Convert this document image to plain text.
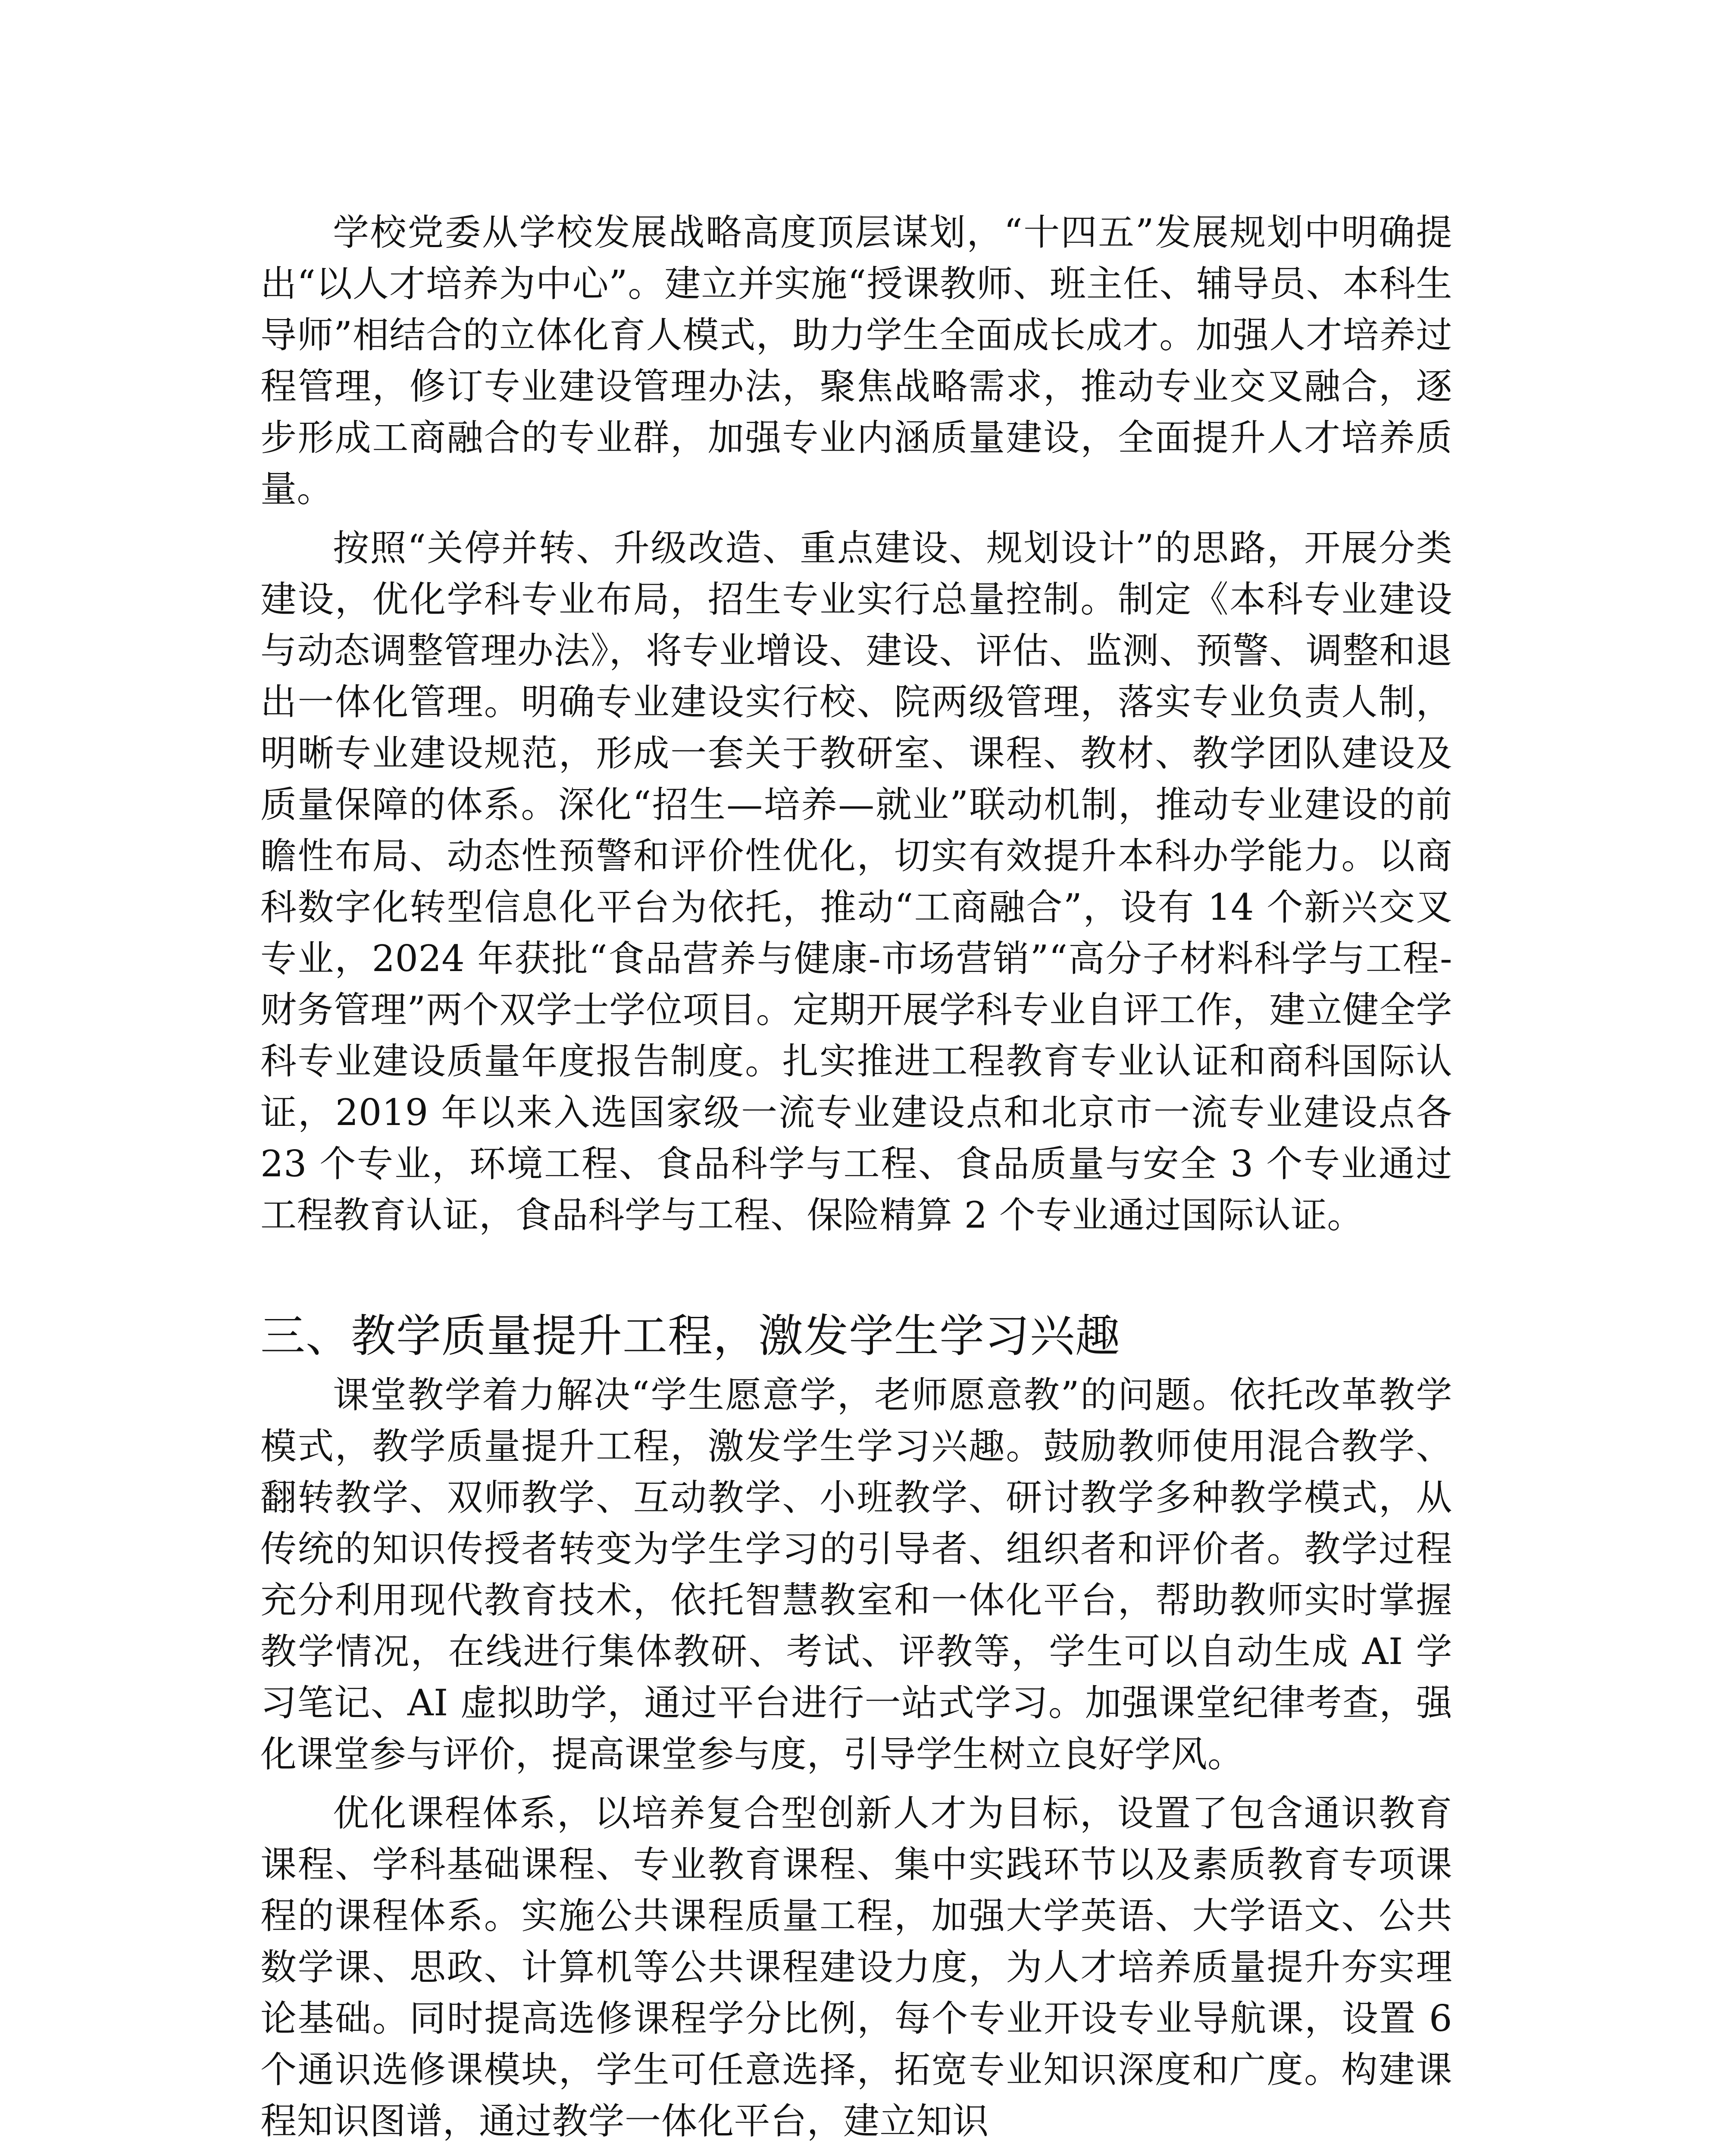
学校党委从学校发展战略高度顶层谋划，“十四五”发展规划中明确提出“以人才培养为中心”。建立并实施“授课教师、班主任、辅导员、本科生导师”相结合的立体化育人模式，助力学生全面成长成才。加强人才培养过程管理，修订专业建设管理办法，聚焦战略需求，推动专业交叉融合，逐步形成工商融合的专业群，加强专业内涵质量建设，全面提升人才培养质量。

按照“关停并转、升级改造、重点建设、规划设计”的思路，开展分类建设，优化学科专业布局，招生专业实行总量控制。制定《本科专业建设与动态调整管理办法》，将专业增设、建设、评估、监测、预警、调整和退出一体化管理。明确专业建设实行校、院两级管理，落实专业负责人制，明晰专业建设规范，形成一套关于教研室、课程、教材、教学团队建设及质量保障的体系。深化“招生—培养—就业”联动机制，推动专业建设的前瞻性布局、动态性预警和评价性优化，切实有效提升本科办学能力。以商科数字化转型信息化平台为依托，推动“工商融合”，设有 14 个新兴交叉专业，2024 年获批“食品营养与健康-市场营销”“高分子材料科学与工程-财务管理”两个双学士学位项目。定期开展学科专业自评工作，建立健全学科专业建设质量年度报告制度。扎实推进工程教育专业认证和商科国际认证，2019 年以来入选国家级一流专业建设点和北京市一流专业建设点各 23 个专业，环境工程、食品科学与工程、食品质量与安全 3 个专业通过工程教育认证，食品科学与工程、保险精算 2 个专业通过国际认证。

三、教学质量提升工程，激发学生学习兴趣

课堂教学着力解决“学生愿意学，老师愿意教”的问题。依托改革教学模式，教学质量提升工程，激发学生学习兴趣。鼓励教师使用混合教学、翻转教学、双师教学、互动教学、小班教学、研讨教学多种教学模式，从传统的知识传授者转变为学生学习的引导者、组织者和评价者。教学过程充分利用现代教育技术，依托智慧教室和一体化平台，帮助教师实时掌握教学情况，在线进行集体教研、考试、评教等，学生可以自动生成 AI 学习笔记、AI 虚拟助学，通过平台进行一站式学习。加强课堂纪律考查，强化课堂参与评价，提高课堂参与度，引导学生树立良好学风。

优化课程体系，以培养复合型创新人才为目标，设置了包含通识教育课程、学科基础课程、专业教育课程、集中实践环节以及素质教育专项课程的课程体系。实施公共课程质量工程，加强大学英语、大学语文、公共数学课、思政、计算机等公共课程建设力度，为人才培养质量提升夯实理论基础。同时提高选修课程学分比例，每个专业开设专业导航课，设置 6 个通识选修课模块，学生可任意选择，拓宽专业知识深度和广度。构建课程知识图谱，通过教学一体化平台，建立知识
